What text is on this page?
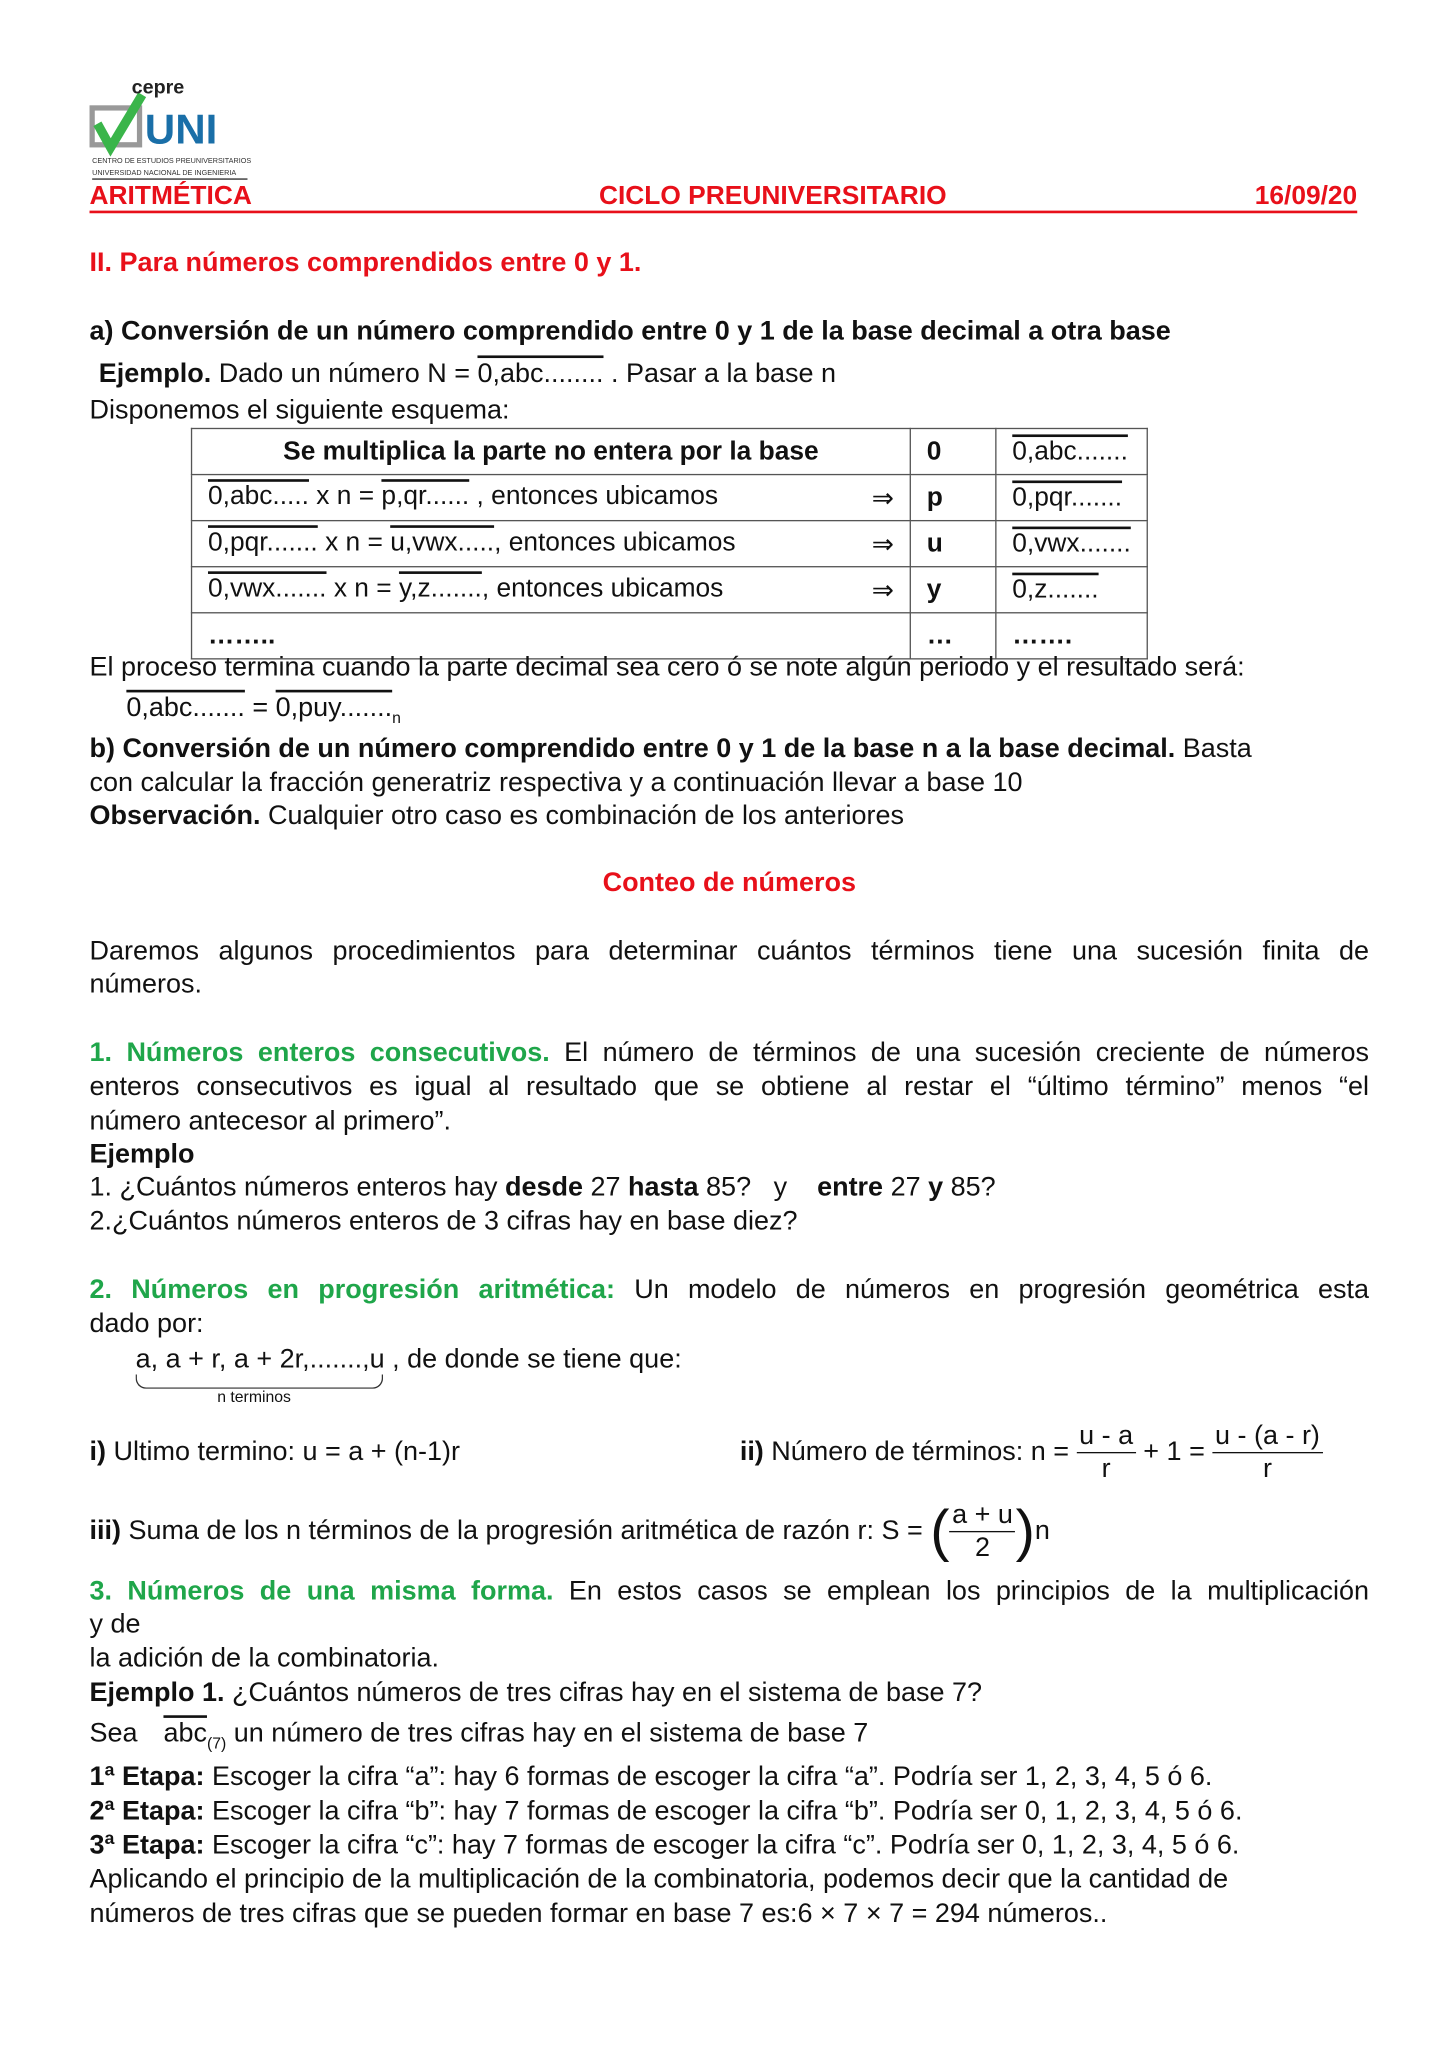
cepre
UNI
CENTRO DE ESTUDIOS PREUNIVERSITARIOS
UNIVERSIDAD NACIONAL DE INGENIERIA
ARITMÉTICA	CICLO PREUNIVERSITARIO	16/09/20
II. Para números comprendidos entre 0 y 1.
a) Conversión de un número comprendido entre 0 y 1 de la base decimal a otra base
Ejemplo. Dado un número N = 0,abc........ . Pasar a la base n
Disponemos el siguiente esquema:
Se multiplica la parte no entera por la base	0	0,abc.......
0,abc..... x n = p,qr...... , entonces ubicamos ⇒	p	0,pqr.......
0,pqr....... x n = u,vwx....., entonces ubicamos ⇒	u	0,vwx.......
0,vwx....... x n = y,z......., entonces ubicamos ⇒	y	0,z.......
……..	…	…….
El proceso termina cuando la parte decimal sea cero ó se note algún periodo y el resultado será:
0,abc....... = $0,puy......._n$
b) Conversión de un número comprendido entre 0 y 1 de la base n a la base decimal. Basta
con calcular la fracción generatriz respectiva y a continuación llevar a base 10
Observación. Cualquier otro caso es combinación de los anteriores
Conteo de números
Daremos algunos procedimientos para determinar cuántos términos tiene una sucesión finita de
números.
1. Números enteros consecutivos. El número de términos de una sucesión creciente de números
enteros consecutivos es igual al resultado que se obtiene al restar el “último término” menos “el
número antecesor al primero”.
Ejemplo
1. ¿Cuántos números enteros hay desde 27 hasta 85?   y    entre 27 y 85?
2.¿Cuántos números enteros de 3 cifras hay en base diez?
2. Números en progresión aritmética: Un modelo de números en progresión geométrica esta
dado por:
a, a + r, a + 2r,.......,u , de donde se tiene que:
n terminos
i) Ultimo termino: u = a + (n-1)r	ii) Número de términos: $n = \frac{u - a}{r} + 1 = \frac{u - (a - r)}{r}$
iii) Suma de los n términos de la progresión aritmética de razón r: S = ( $\frac{a + u}{2} )n$
3. Números de una misma forma. En estos casos se emplean los principios de la multiplicación
y de
la adición de la combinatoria.
Ejemplo 1. ¿Cuántos números de tres cifras hay en el sistema de base 7?
Sea $\overline{abc}_{(7)}$ un número de tres cifras hay en el sistema de base 7
1ª Etapa: Escoger la cifra “a”: hay 6 formas de escoger la cifra “a”. Podría ser 1, 2, 3, 4, 5 ó 6.
2ª Etapa: Escoger la cifra “b”: hay 7 formas de escoger la cifra “b”. Podría ser 0, 1, 2, 3, 4, 5 ó 6.
3ª Etapa: Escoger la cifra “c”: hay 7 formas de escoger la cifra “c”. Podría ser 0, 1, 2, 3, 4, 5 ó 6.
Aplicando el principio de la multiplicación de la combinatoria, podemos decir que la cantidad de
números de tres cifras que se pueden formar en base 7 es:6 × 7 × 7 = 294 números..
